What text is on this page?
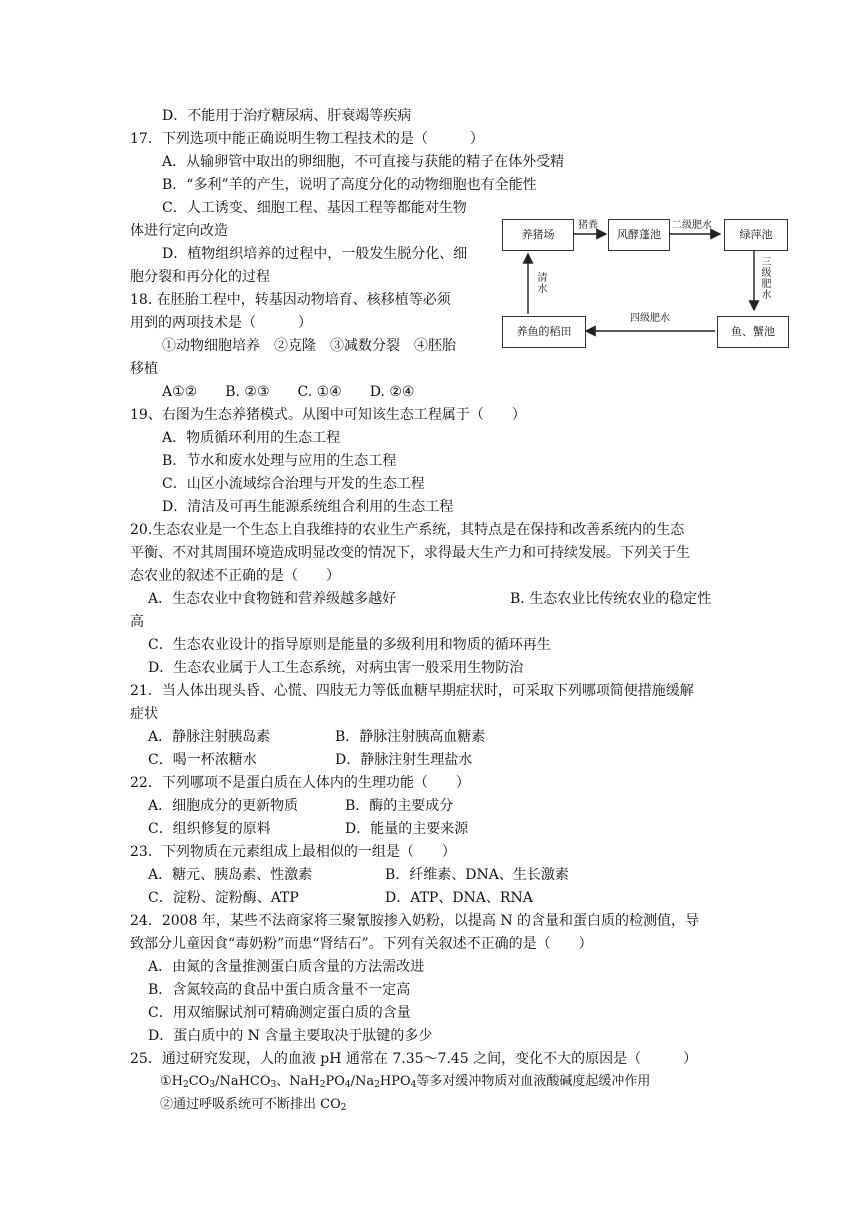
D．不能用于治疗糖尿病、肝衰竭等疾病
17．下列选项中能正确说明生物工程技术的是（　　　）
A．从输卵管中取出的卵细胞，不可直接与获能的精子在体外受精
B．“多利”羊的产生，说明了高度分化的动物细胞也有全能性
C．人工诱变、细胞工程、基因工程等都能对生物
体进行定向改造
D．植物组织培养的过程中，一般发生脱分化、细
胞分裂和再分化的过程
18. 在胚胎工程中，转基因动物培育、核移植等必须
用到的两项技术是（　　　）
①动物细胞培养　②克隆　③减数分裂　④胚胎
移植
A①②　　B. ②③　　C. ①④　　D. ②④
19、右图为生态养猪模式。从图中可知该生态工程属于（　　）
A．物质循环利用的生态工程
B．节水和废水处理与应用的生态工程
C．山区小流域综合治理与开发的生态工程
D．清洁及可再生能源系统组合利用的生态工程
20.生态农业是一个生态上自我维持的农业生产系统，其特点是在保持和改善系统内的生态
平衡、不对其周围环境造成明显改变的情况下，求得最大生产力和可持续发展。下列关于生
态农业的叙述不正确的是（　　）
A．生态农业中食物链和营养级越多越好	B. 生态农业比传统农业的稳定性
高
C．生态农业设计的指导原则是能量的多级利用和物质的循环再生
D．生态农业属于人工生态系统，对病虫害一般采用生物防治
21．当人体出现头昏、心慌、四肢无力等低血糖早期症状时，可采取下列哪项简便措施缓解
症状
A．静脉注射胰岛素	B．静脉注射胰高血糖素
C．喝一杯浓糖水	D．静脉注射生理盐水
22．下列哪项不是蛋白质在人体内的生理功能（　　）
A．细胞成分的更新物质	B．酶的主要成分
C．组织修复的原料	D．能量的主要来源
23．下列物质在元素组成上最相似的一组是（　　）
A．糖元、胰岛素、性激素	B．纤维素、DNA、生长激素
C．淀粉、淀粉酶、ATP	D．ATP、DNA、RNA
24．2008 年，某些不法商家将三聚氰胺掺入奶粉，以提高 N 的含量和蛋白质的检测值，导
致部分儿童因食“毒奶粉”而患“肾结石”。下列有关叙述不正确的是（　　）
A．由氮的含量推测蛋白质含量的方法需改进
B．含氮较高的食品中蛋白质含量不一定高
C．用双缩脲试剂可精确测定蛋白质的含量
D．蛋白质中的 N 含量主要取决于肽键的多少
25．通过研究发现，人的血液 pH 通常在 7.35～7.45 之间，变化不大的原因是（　　　）
$①H_2CO_3/NaHCO_3$、$NaH_2PO_4/Na_2HPO_4$等多对缓冲物质对血液酸碱度起缓冲作用
②通过呼吸系统可不断排出 $CO_2$
养猪场	风酵蓬池	绿萍池
鱼、蟹池
养鱼的稻田
猪粪	二级肥水
三级肥水
四级肥水
清水
